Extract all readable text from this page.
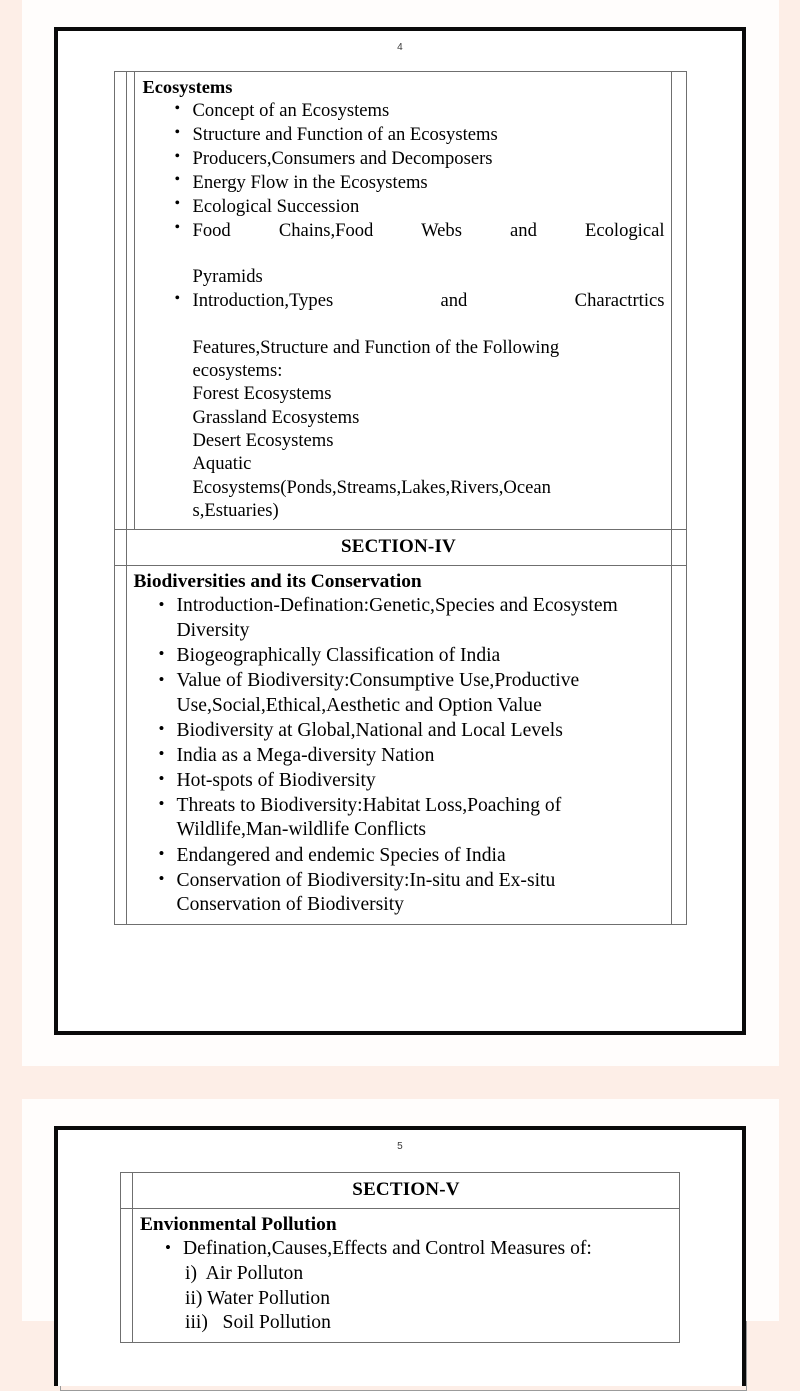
4

Ecosystems
• Concept of an Ecosystems
• Structure and Function of an Ecosystems
• Producers,Consumers and Decomposers
• Energy Flow in the Ecosystems
• Ecological Succession
• Food Chains,Food Webs and Ecological
Pyramids
• Introduction,Types and Charactrtics
Features,Structure and Function of the Following
ecosystems:
Forest Ecosystems
Grassland Ecosystems
Desert Ecosystems
Aquatic
Ecosystems(Ponds,Streams,Lakes,Rivers,Ocean
s,Estuaries)

	SECTION-IV		

Biodiversities and its Conservation
• Introduction-Defination:Genetic,Species and Ecosystem Diversity
• Biogeographically Classification of India
• Value of Biodiversity:Consumptive Use,Productive Use,Social,Ethical,Aesthetic and Option Value
• Biodiversity at Global,National and Local Levels
• India as a Mega-diversity Nation
• Hot-spots of Biodiversity
• Threats to Biodiversity:Habitat Loss,Poaching of Wildlife,Man-wildlife Conflicts
• Endangered and endemic Species of India
• Conservation of Biodiversity:In-situ and Ex-situ Conservation of Biodiversity

5

	SECTION-V

Envionmental Pollution
• Defination,Causes,Effects and Control Measures of:
i)  Air Polluton
ii) Water Pollution
iii)   Soil Pollution
